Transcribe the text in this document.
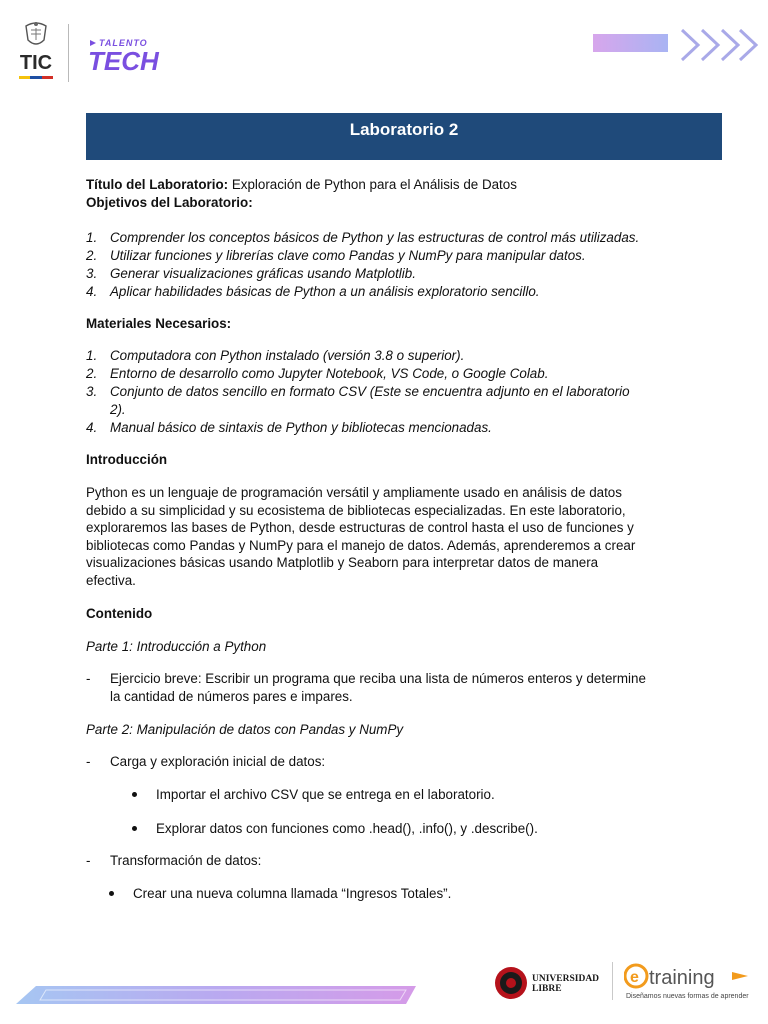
TIC
TALENTO
TECH
Laboratorio 2
Título del Laboratorio: Exploración de Python para el Análisis de Datos
Objetivos del Laboratorio:
1. Comprender los conceptos básicos de Python y las estructuras de control más utilizadas.
2. Utilizar funciones y librerías clave como Pandas y NumPy para manipular datos.
3. Generar visualizaciones gráficas usando Matplotlib.
4. Aplicar habilidades básicas de Python a un análisis exploratorio sencillo.
Materiales Necesarios:
1. Computadora con Python instalado (versión 3.8 o superior).
2. Entorno de desarrollo como Jupyter Notebook, VS Code, o Google Colab.
3. Conjunto de datos sencillo en formato CSV (Este se encuentra adjunto en el laboratorio
2).
4. Manual básico de sintaxis de Python y bibliotecas mencionadas.
Introducción
Python es un lenguaje de programación versátil y ampliamente usado en análisis de datos
debido a su simplicidad y su ecosistema de bibliotecas especializadas. En este laboratorio,
exploraremos las bases de Python, desde estructuras de control hasta el uso de funciones y
bibliotecas como Pandas y NumPy para el manejo de datos. Además, aprenderemos a crear
visualizaciones básicas usando Matplotlib y Seaborn para interpretar datos de manera
efectiva.
Contenido
Parte 1: Introducción a Python
- Ejercicio breve: Escribir un programa que reciba una lista de números enteros y determine
la cantidad de números pares e impares.
Parte 2: Manipulación de datos con Pandas y NumPy
- Carga y exploración inicial de datos:
Importar el archivo CSV que se entrega en el laboratorio.
Explorar datos con funciones como .head(), .info(), y .describe().
- Transformación de datos:
Crear una nueva columna llamada “Ingresos Totales”.
UNIVERSIDAD
LIBRE
e training
Diseñamos nuevas formas de aprender
